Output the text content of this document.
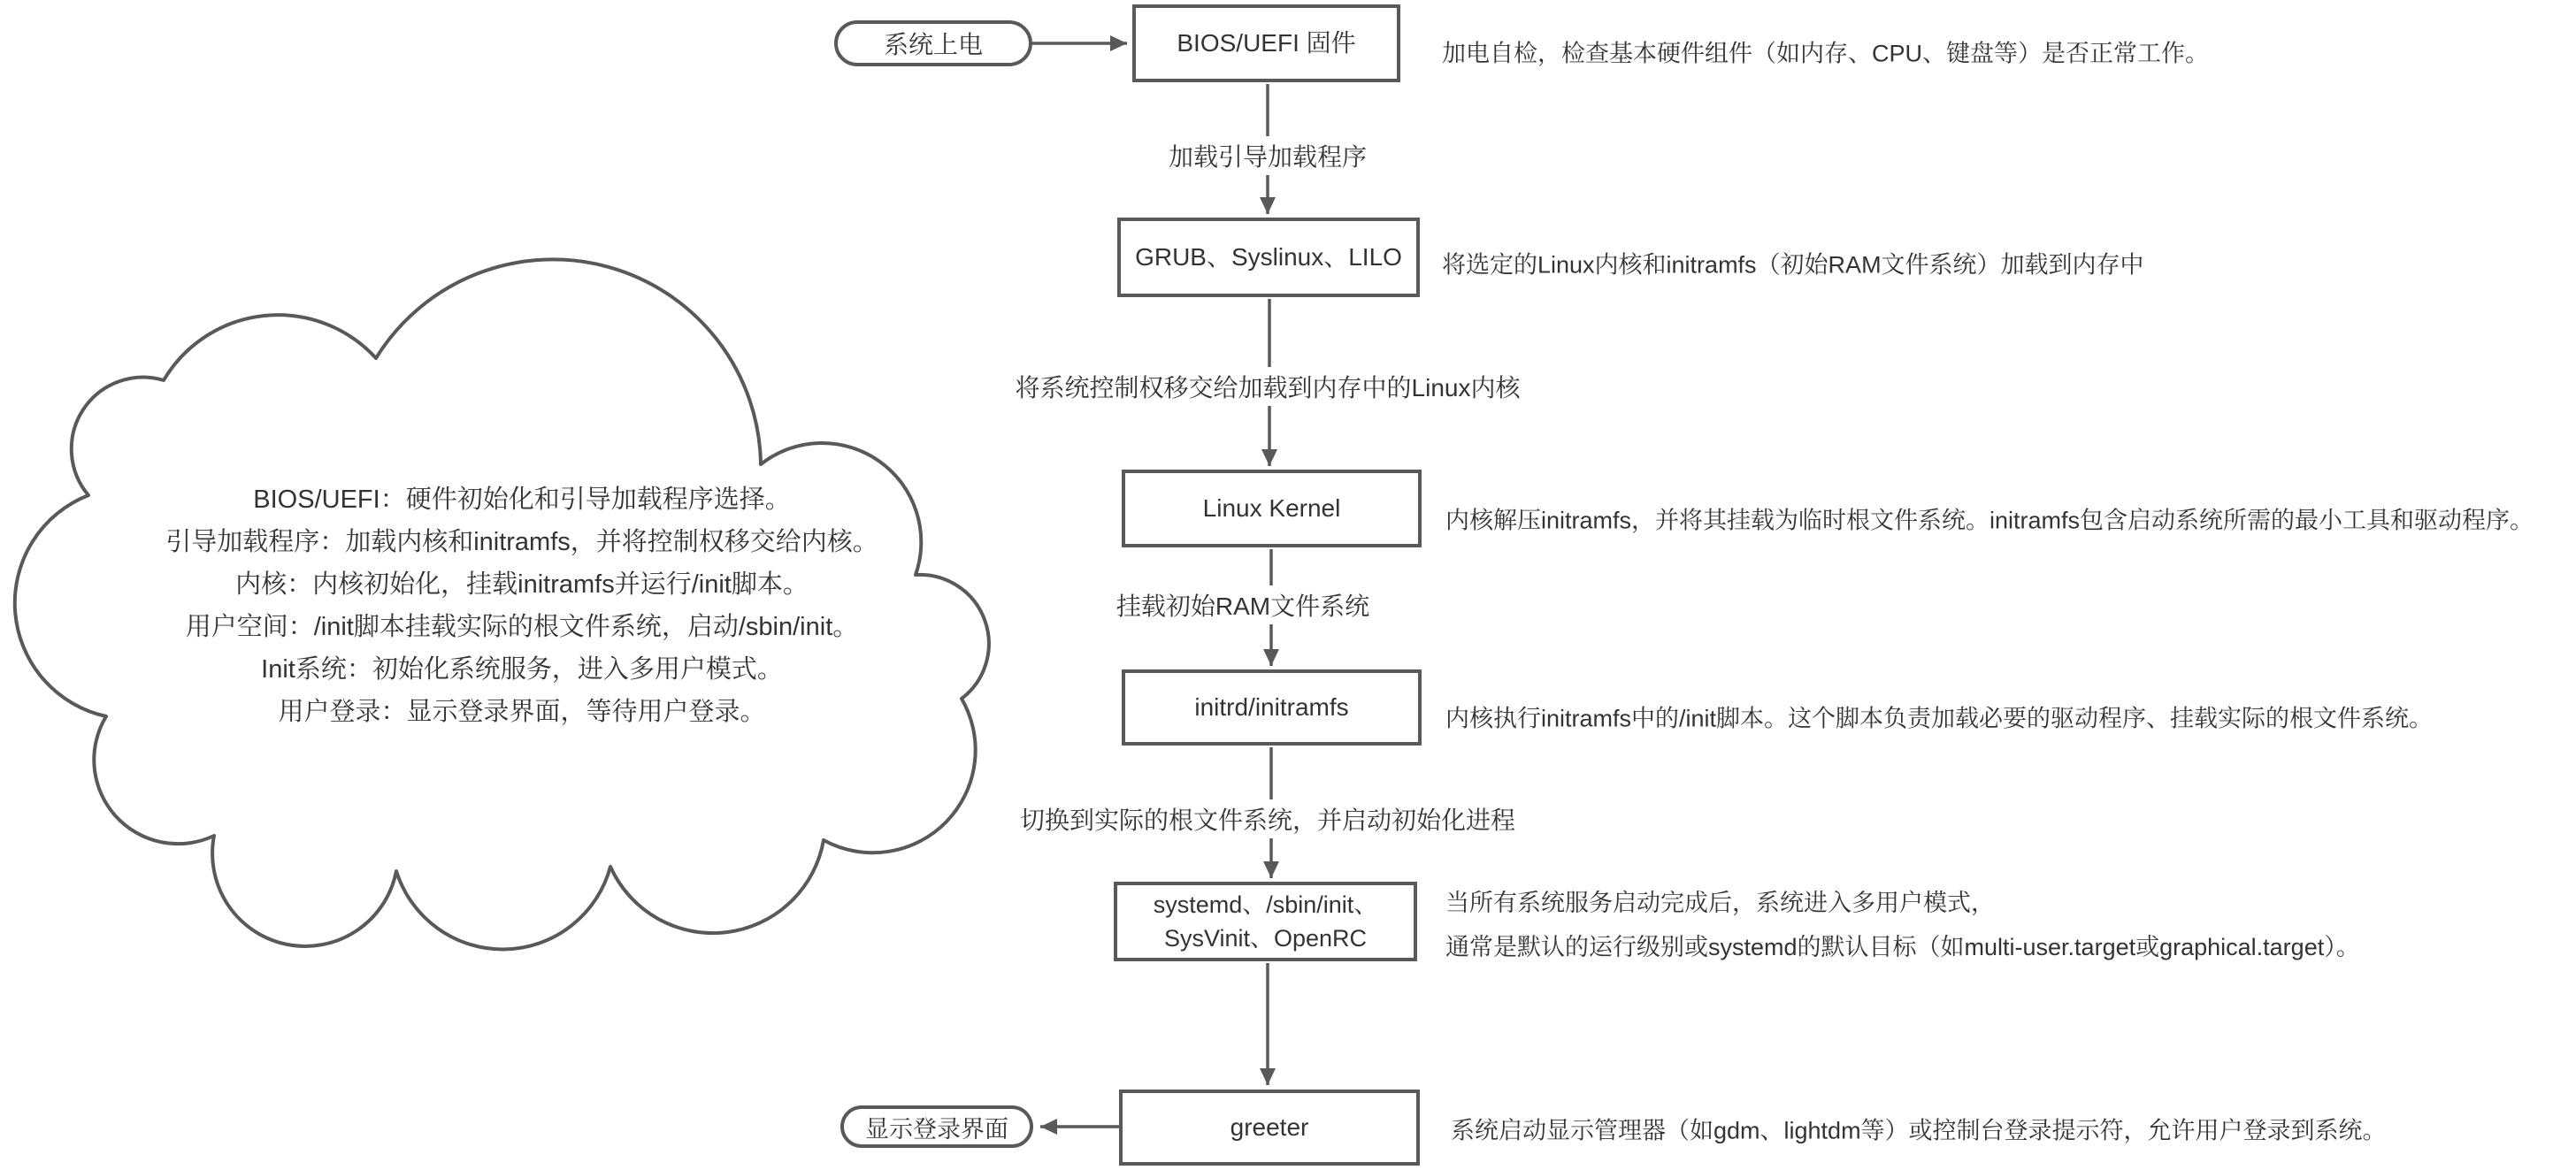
BIOS/UEFI：硬件初始化和引导加载程序选择。
引导加载程序：加载内核和initramfs，并将控制权移交给内核。
内核：内核初始化，挂载initramfs并运行/init脚本。
用户空间：/init脚本挂载实际的根文件系统，启动/sbin/init。
Init系统：初始化系统服务，进入多用户模式。
用户登录：显示登录界面，等待用户登录。
系统上电	BIOS/UEFI 固件
GRUB、Syslinux、LILO
Linux Kernel
initrd/initramfs
systemd、/sbin/init、
SysVinit、OpenRC
greeter
显示登录界面
加载引导加载程序
将系统控制权移交给加载到内存中的Linux内核
挂载初始RAM文件系统
切换到实际的根文件系统，并启动初始化进程
加电自检，检查基本硬件组件（如内存、CPU、键盘等）是否正常工作。
将选定的Linux内核和initramfs（初始RAM文件系统）加载到内存中
内核解压initramfs，并将其挂载为临时根文件系统。initramfs包含启动系统所需的最小工具和驱动程序。
内核执行initramfs中的/init脚本。这个脚本负责加载必要的驱动程序、挂载实际的根文件系统。
当所有系统服务启动完成后，系统进入多用户模式，
通常是默认的运行级别或systemd的默认目标（如multi-user.target或graphical.target）。
系统启动显示管理器（如gdm、lightdm等）或控制台登录提示符，允许用户登录到系统。
